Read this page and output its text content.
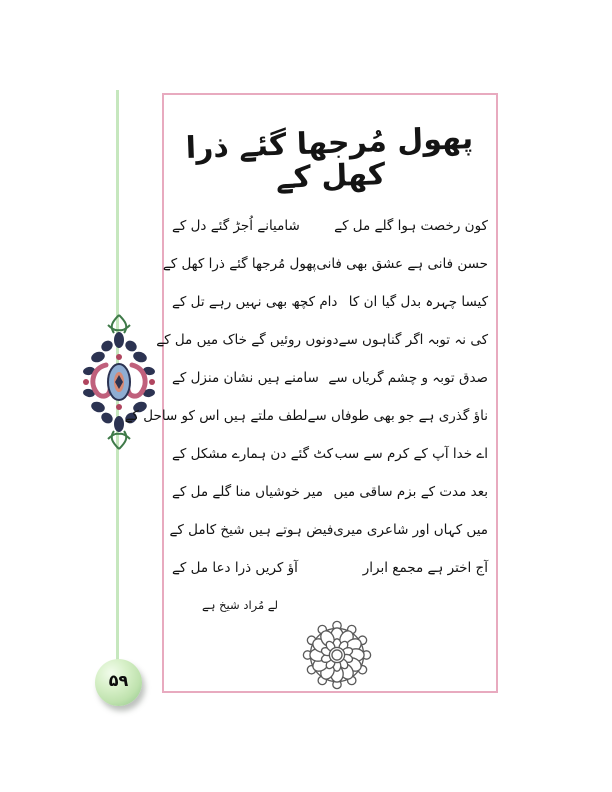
۵۹
پھول مُرجھا گئے ذرا کھل کے
کون رخصت ہوا گلے مل کے
شامیانے اُجڑ گئے دل کے
حسن فانی ہے عشق بھی فانی
پھول مُرجھا گئے ذرا کھل کے
کیسا چہرہ بدل گیا ان کا
دام کچھ بھی نہیں رہے تل کے
کی نہ توبہ اگر گناہوں سے
دونوں روئیں گے خاک میں مل کے
صدق توبہ و چشم گریاں سے
سامنے ہیں نشان منزل کے
ناؤ گذری ہے جو بھی طوفاں سے
لطف ملتے ہیں اس کو ساحل کے
اے خدا آپ کے کرم سے سب
کٹ گئے دن ہمارے مشکل کے
بعد مدت کے بزم ساقی میں
میر خوشیاں منا گلے مل کے
میں کہاں اور شاعری میری
فیض ہوتے ہیں شیخ کامل کے
آج اختر ہے مجمع ابرار
آؤ کریں ذرا دعا مل کے
لے مُراد شیخ ہے
